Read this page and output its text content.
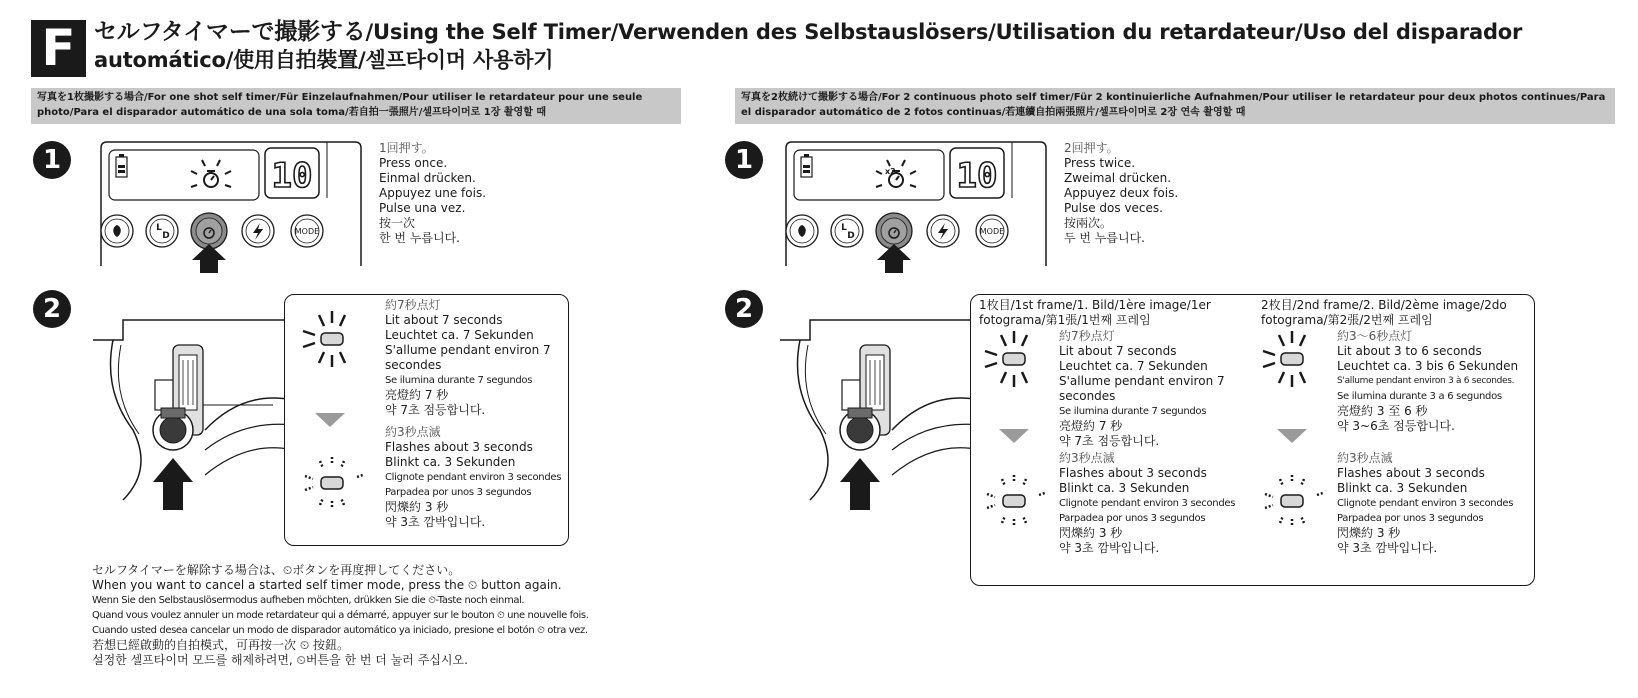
F セルフタイマーで撮影する/Using the Self Timer/Verwenden des Selbstauslösers/Utilisation du retardateur/Uso del disparador automático/使用自拍裝置/셀프타이머 사용하기
写真を1枚撮影する場合/For one shot self timer/Für Einzelaufnahmen/Pour utiliser le retardateur pour une seule photo/Para el disparador automático de una sola toma/若自拍一張照片/셀프타이머로 1장 촬영할 때
写真を2枚続けて撮影する場合/For 2 continuous photo self timer/Für 2 kontinuierliche Aufnahmen/Pour utiliser le retardateur pour deux photos continues/Para el disparador automático de 2 fotos continuas/若連續自拍兩張照片/셀프타이머로 2장 연속 촬영할 때
1	10
L
D	MODE
1回押す。
Press once.
Einmal drücken.
Appuyez une fois.
Pulse una vez.
按一次
한 번 누릅니다.
2	約7秒点灯
Lit about 7 seconds
Leuchtet ca. 7 Sekunden
S'allume pendant environ 7
secondes
Se ilumina durante 7 segundos
亮燈約 7 秒
약 7초 점등합니다.
約3秒点滅
Flashes about 3 seconds
Blinkt ca. 3 Sekunden
Clignote pendant environ 3 secondes
Parpadea por unos 3 segundos
閃爍約 3 秒
약 3초 깜박입니다.
セルフタイマーを解除する場合は、⏲ボタンを再度押してください。
When you want to cancel a started self timer mode, press the ⏲ button again.
Wenn Sie den Selbstauslösermodus aufheben möchten, drükken Sie die ⏲-Taste noch einmal.
Quand vous voulez annuler un mode retardateur qui a démarré, appuyer sur le bouton ⏲ une nouvelle fois.
Cuando usted desea cancelar un modo de disparador automático ya iniciado, presione el botón ⏲ otra vez.
若想已經啟動的自拍模式，可再按一次 ⏲ 按鈕。
설정한 셀프타이머 모드를 해제하려면, ⏲버튼을 한 번 더 눌러 주십시오.
1	x2 10
L
D	MODE
2回押す。
Press twice.
Zweimal drücken.
Appuyez deux fois.
Pulse dos veces.
按兩次。
두 번 누릅니다.
2	1枚目/1st frame/1. Bild/1ère image/1er
fotograma/第1張/1번째 프레임
約7秒点灯
Lit about 7 seconds
Leuchtet ca. 7 Sekunden
S'allume pendant environ 7
secondes
Se ilumina durante 7 segundos
亮燈約 7 秒
약 7초 점등합니다.
約3秒点滅
Flashes about 3 seconds
Blinkt ca. 3 Sekunden
Clignote pendant environ 3 secondes
Parpadea por unos 3 segundos
閃爍約 3 秒
약 3초 깜박입니다.
2枚目/2nd frame/2. Bild/2ème image/2do
fotograma/第2張/2번째 프레임
約3〜6秒点灯
Lit about 3 to 6 seconds
Leuchtet ca. 3 bis 6 Sekunden
S'allume pendant environ 3 à 6 secondes.
Se ilumina durante 3 a 6 segundos
亮燈約 3 至 6 秒
약 3~6초 점등합니다.
約3秒点滅
Flashes about 3 seconds
Blinkt ca. 3 Sekunden
Clignote pendant environ 3 secondes
Parpadea por unos 3 segundos
閃爍約 3 秒
약 3초 깜박입니다.
